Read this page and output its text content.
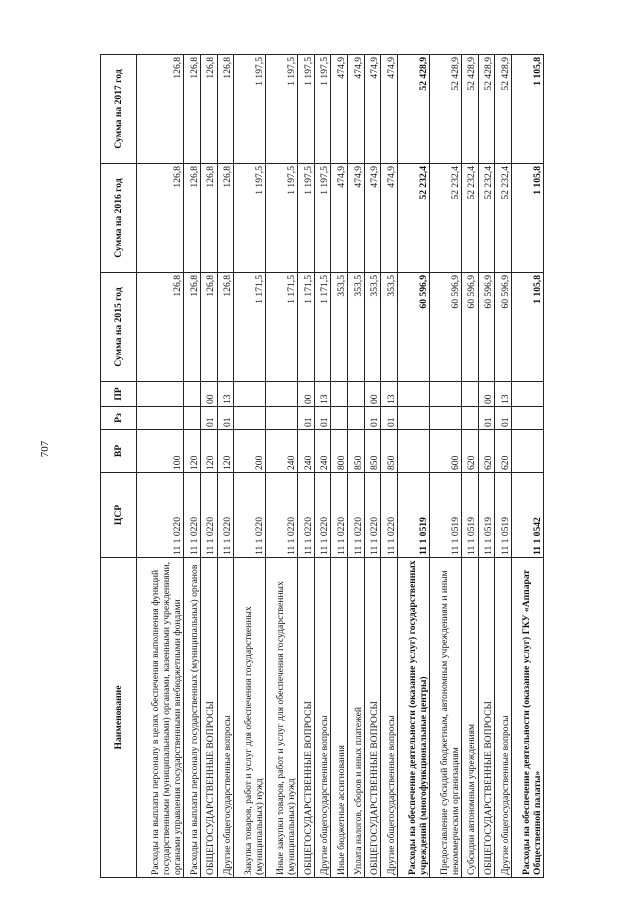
707
Наименование	ЦСР	ВР	Рз	ПР	Сумма на 2015 год	Сумма на 2016 год	Сумма на 2017 год
Расходы на выплаты персоналу в целях обеспечения выполнения функций государственными (муниципальными) органами, казенными учреждениями, органами управления государственными внебюджетными фондами	11 1 0220	100			126,8	126,8	126,8
Расходы на выплаты персоналу государственных (муниципальных) органов	11 1 0220	120			126,8	126,8	126,8
ОБЩЕГОСУДАРСТВЕННЫЕ ВОПРОСЫ	11 1 0220	120	01	00	126,8	126,8	126,8
Другие общегосударственные вопросы	11 1 0220	120	01	13	126,8	126,8	126,8
Закупка товаров, работ и услуг для обеспечения государственных (муниципальных) нужд	11 1 0220	200			1 171,5	1 197,5	1 197,5
Иные закупки товаров, работ и услуг для обеспечения государственных (муниципальных) нужд	11 1 0220	240			1 171,5	1 197,5	1 197,5
ОБЩЕГОСУДАРСТВЕННЫЕ ВОПРОСЫ	11 1 0220	240	01	00	1 171,5	1 197,5	1 197,5
Другие общегосударственные вопросы	11 1 0220	240	01	13	1 171,5	1 197,5	1 197,5
Иные бюджетные ассигнования	11 1 0220	800			353,5	474,9	474,9
Уплата налогов, сборов и иных платежей	11 1 0220	850			353,5	474,9	474,9
ОБЩЕГОСУДАРСТВЕННЫЕ ВОПРОСЫ	11 1 0220	850	01	00	353,5	474,9	474,9
Другие общегосударственные вопросы	11 1 0220	850	01	13	353,5	474,9	474,9
Расходы на обеспечение деятельности (оказание услуг) государственных учреждений (многофункциональные центры)	11 1 0519				60 596,9	52 232,4	52 428,9
Предоставление субсидий бюджетным, автономным учреждениям и иным некоммерческим организациям	11 1 0519	600			60 596,9	52 232,4	52 428,9
Субсидии автономным учреждениям	11 1 0519	620			60 596,9	52 232,4	52 428,9
ОБЩЕГОСУДАРСТВЕННЫЕ ВОПРОСЫ	11 1 0519	620	01	00	60 596,9	52 232,4	52 428,9
Другие общегосударственные вопросы	11 1 0519	620	01	13	60 596,9	52 232,4	52 428,9
Расходы на обеспечение деятельности (оказание услуг) ГКУ «Аппарат Общественной палаты»	11 1 0542				1 105,8	1 105,8	1 105,8
